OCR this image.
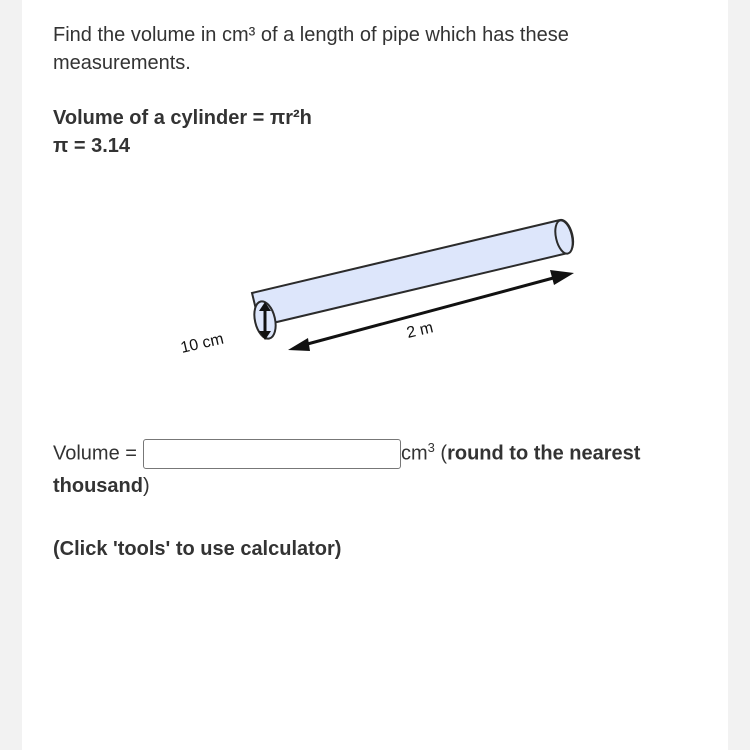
Find the volume in cm³ of a length of pipe which has these measurements.
Volume of a cylinder = πr²h
π = 3.14
10 cm	2 m
Volume =	$cm^3$ (round to the nearest
thousand)
(Click 'tools' to use calculator)
